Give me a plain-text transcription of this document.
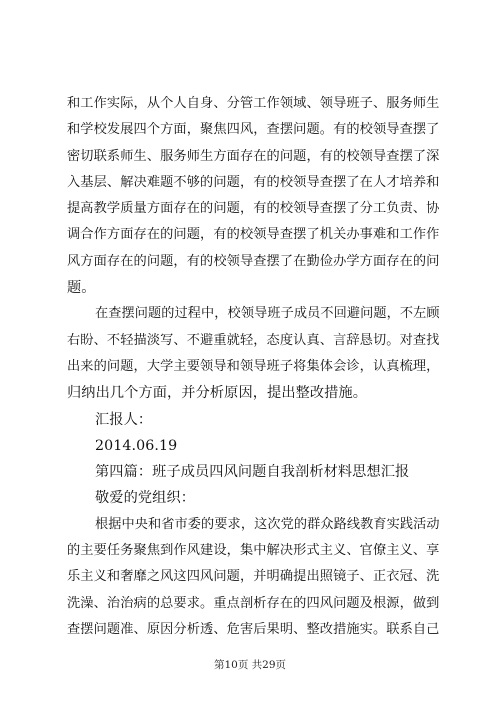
和工作实际，从个人自身、分管工作领域、领导班子、服务师生
和学校发展四个方面，聚焦四风，查摆问题。有的校领导查摆了
密切联系师生、服务师生方面存在的问题，有的校领导查摆了深
入基层、解决难题不够的问题，有的校领导查摆了在人才培养和
提高教学质量方面存在的问题，有的校领导查摆了分工负责、协
调合作方面存在的问题，有的校领导查摆了机关办事难和工作作
风方面存在的问题，有的校领导查摆了在勤俭办学方面存在的问
题。
在查摆问题的过程中，校领导班子成员不回避问题，不左顾
右盼、不轻描淡写、不避重就轻，态度认真、言辞恳切。对查找
出来的问题，大学主要领导和领导班子将集体会诊，认真梳理，
归纳出几个方面，并分析原因，提出整改措施。
汇报人：
2014.06.19
第四篇：班子成员四风问题自我剖析材料思想汇报
敬爱的党组织：
根据中央和省市委的要求，这次党的群众路线教育实践活动
的主要任务聚焦到作风建设，集中解决形式主义、官僚主义、享
乐主义和奢靡之风这四风问题，并明确提出照镜子、正衣冠、洗
洗澡、治治病的总要求。重点剖析存在的四风问题及根源，做到
查摆问题准、原因分析透、危害后果明、整改措施实。联系自己
第10页 共29页
